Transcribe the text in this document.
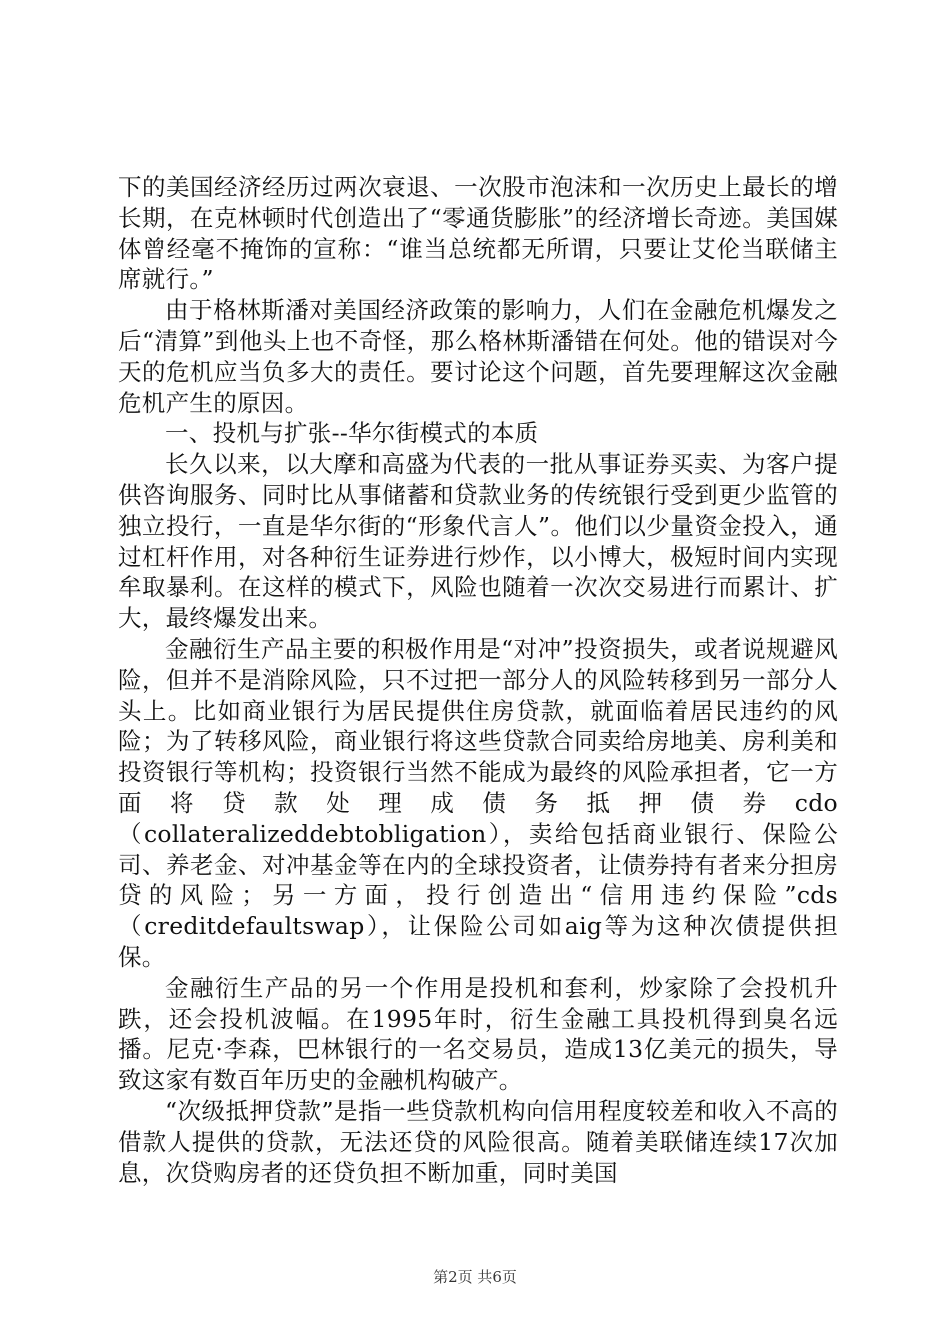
下的美国经济经历过两次衰退、一次股市泡沫和一次历史上最长的增长期，在克林顿时代创造出了“零通货膨胀”的经济增长奇迹。美国媒体曾经毫不掩饰的宣称：“谁当总统都无所谓，只要让艾伦当联储主席就行。”

由于格林斯潘对美国经济政策的影响力，人们在金融危机爆发之后“清算”到他头上也不奇怪，那么格林斯潘错在何处。他的错误对今天的危机应当负多大的责任。要讨论这个问题，首先要理解这次金融危机产生的原因。

一、投机与扩张--华尔街模式的本质

长久以来，以大摩和高盛为代表的一批从事证券买卖、为客户提供咨询服务、同时比从事储蓄和贷款业务的传统银行受到更少监管的独立投行，一直是华尔街的“形象代言人”。他们以少量资金投入，通过杠杆作用，对各种衍生证券进行炒作，以小博大，极短时间内实现牟取暴利。在这样的模式下，风险也随着一次次交易进行而累计、扩大，最终爆发出来。

金融衍生产品主要的积极作用是“对冲”投资损失，或者说规避风险，但并不是消除风险，只不过把一部分人的风险转移到另一部分人头上。比如商业银行为居民提供住房贷款，就面临着居民违约的风险；为了转移风险，商业银行将这些贷款合同卖给房地美、房利美和投资银行等机构；投资银行当然不能成为最终的风险承担者，它一方面将贷款处理成债务抵押债券cdo（collateralizeddebtobligation），卖给包括商业银行、保险公司、养老金、对冲基金等在内的全球投资者，让债券持有者来分担房贷的风险；另一方面，投行创造出“信用违约保险”cds（creditdefaultswap），让保险公司如aig等为这种次债提供担保。

金融衍生产品的另一个作用是投机和套利，炒家除了会投机升跌，还会投机波幅。在1995年时，衍生金融工具投机得到臭名远播。尼克·李森，巴林银行的一名交易员，造成13亿美元的损失，导致这家有数百年历史的金融机构破产。

“次级抵押贷款”是指一些贷款机构向信用程度较差和收入不高的借款人提供的贷款，无法还贷的风险很高。随着美联储连续17次加息，次贷购房者的还贷负担不断加重，同时美国

第2页 共6页
